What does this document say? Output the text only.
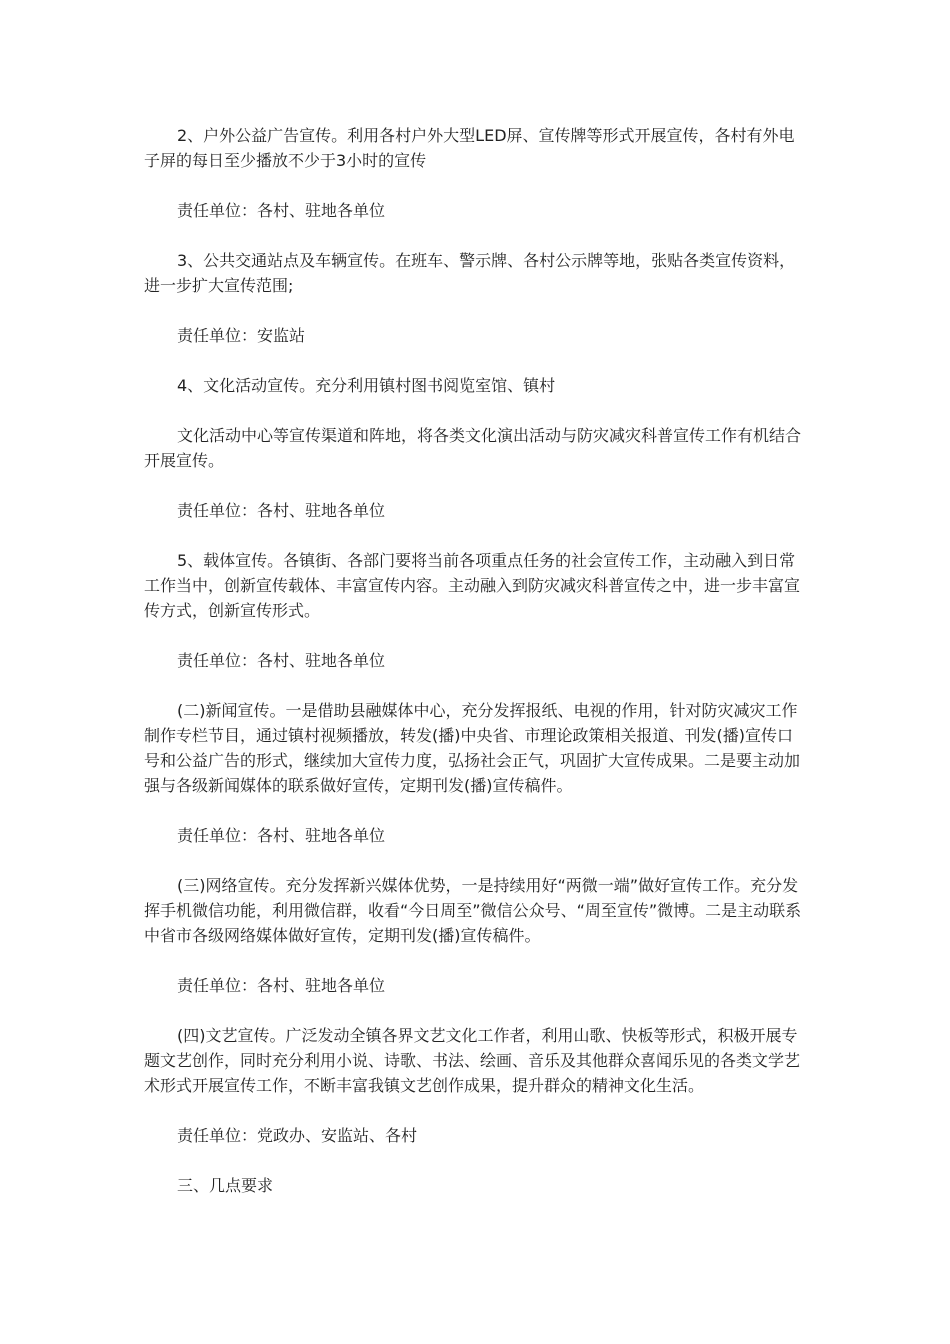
2、户外公益广告宣传。利用各村户外大型LED屏、宣传牌等形式开展宣传，各村有外电子屏的每日至少播放不少于3小时的宣传

责任单位：各村、驻地各单位

3、公共交通站点及车辆宣传。在班车、警示牌、各村公示牌等地，张贴各类宣传资料，进一步扩大宣传范围;

责任单位：安监站

4、文化活动宣传。充分利用镇村图书阅览室馆、镇村

文化活动中心等宣传渠道和阵地，将各类文化演出活动与防灾减灾科普宣传工作有机结合开展宣传。

责任单位：各村、驻地各单位

5、载体宣传。各镇街、各部门要将当前各项重点任务的社会宣传工作，主动融入到日常工作当中，创新宣传载体、丰富宣传内容。主动融入到防灾减灾科普宣传之中，进一步丰富宣传方式，创新宣传形式。

责任单位：各村、驻地各单位

(二)新闻宣传。一是借助县融媒体中心，充分发挥报纸、电视的作用，针对防灾减灾工作制作专栏节目，通过镇村视频播放，转发(播)中央省、市理论政策相关报道、刊发(播)宣传口号和公益广告的形式，继续加大宣传力度，弘扬社会正气，巩固扩大宣传成果。二是要主动加强与各级新闻媒体的联系做好宣传，定期刊发(播)宣传稿件。

责任单位：各村、驻地各单位

(三)网络宣传。充分发挥新兴媒体优势，一是持续用好“两微一端”做好宣传工作。充分发挥手机微信功能，利用微信群，收看“今日周至”微信公众号、“周至宣传”微博。二是主动联系中省市各级网络媒体做好宣传，定期刊发(播)宣传稿件。

责任单位：各村、驻地各单位

(四)文艺宣传。广泛发动全镇各界文艺文化工作者，利用山歌、快板等形式，积极开展专题文艺创作，同时充分利用小说、诗歌、书法、绘画、音乐及其他群众喜闻乐见的各类文学艺术形式开展宣传工作，不断丰富我镇文艺创作成果，提升群众的精神文化生活。

责任单位：党政办、安监站、各村

三、几点要求
